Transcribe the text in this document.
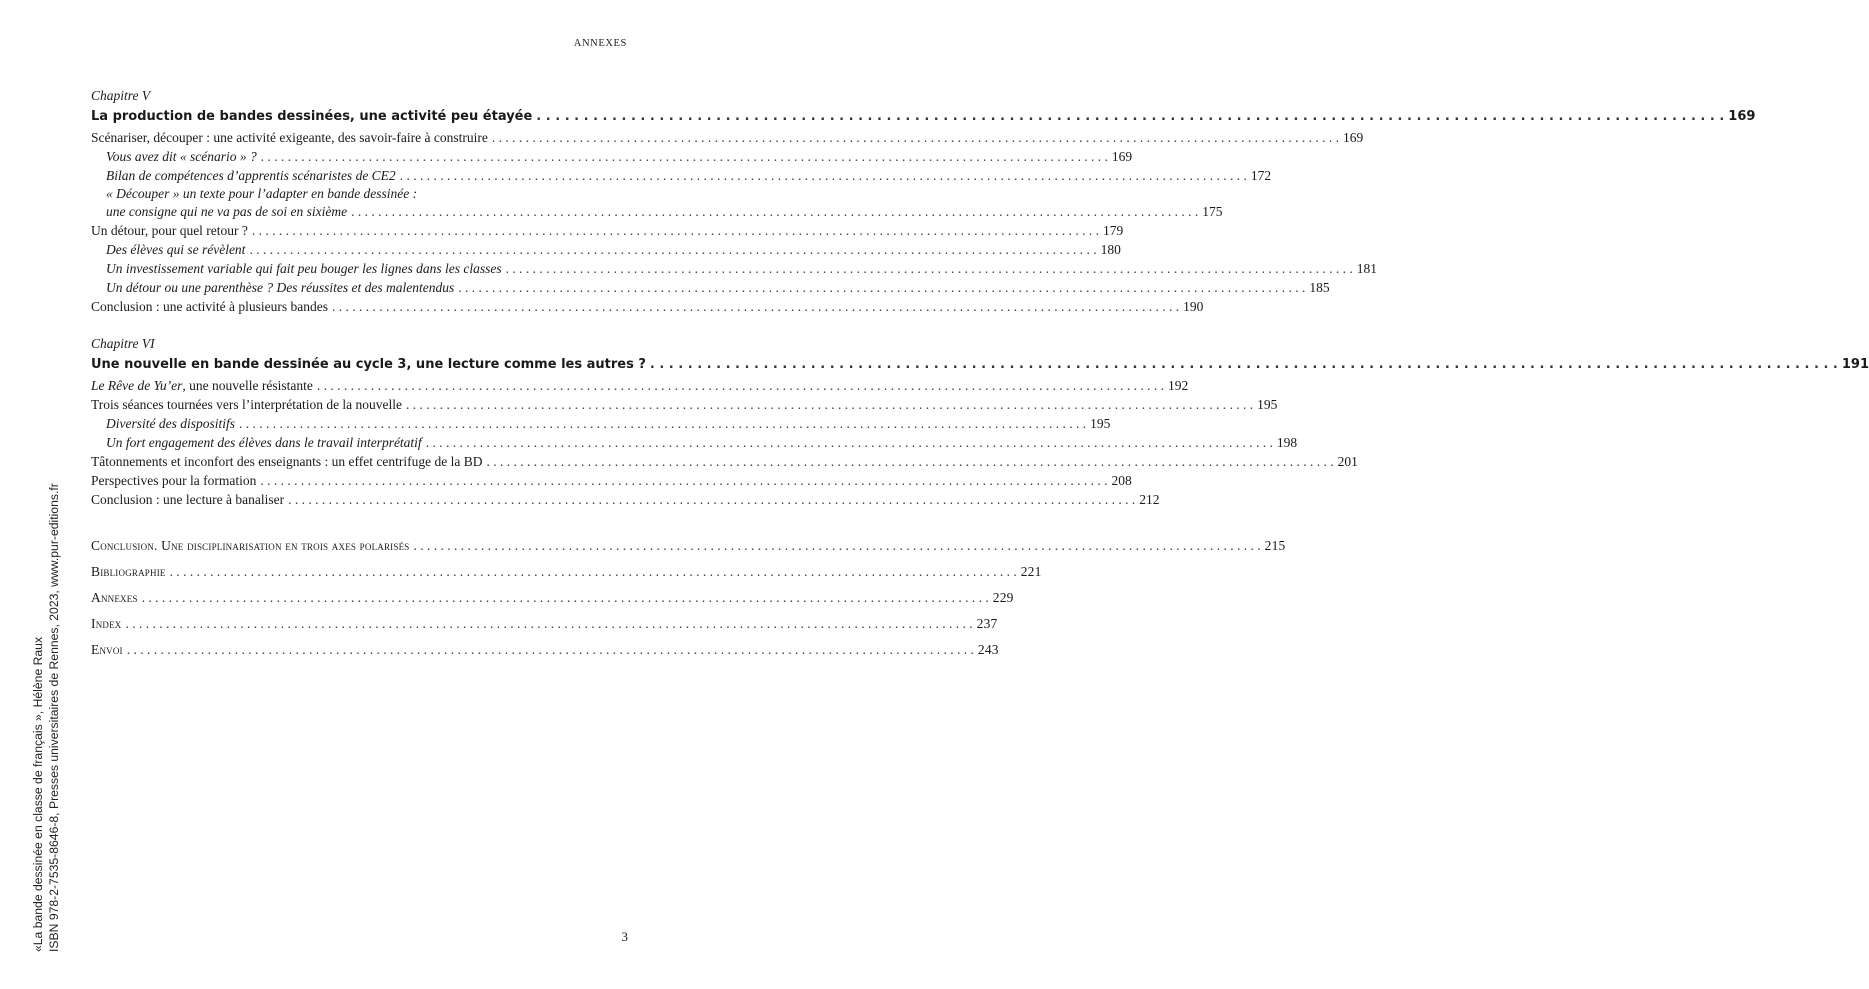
ANNEXES
Chapitre V
La production de bandes dessinées, une activité peu étayée . . .	169
Scénariser, découper : une activité exigeante, des savoir-faire à construire . . .	169
Vous avez dit « scénario » ? . . .	169
Bilan de compétences d’apprentis scénaristes de CE2 . . .	172
« Découper » un texte pour l’adapter en bande dessinée :
une consigne qui ne va pas de soi en sixième . . .	175
Un détour, pour quel retour ? . . .	179
Des élèves qui se révèlent . . .	180
Un investissement variable qui fait peu bouger les lignes dans les classes . . .	181
Un détour ou une parenthèse ? Des réussites et des malentendus . . .	185
Conclusion : une activité à plusieurs bandes . . .	190
Chapitre VI
Une nouvelle en bande dessinée au cycle 3, une lecture comme les autres ? . . .	191
Le Rêve de Yu’er, une nouvelle résistante . . .	192
Trois séances tournées vers l’interprétation de la nouvelle . . .	195
Diversité des dispositifs . . .	195
Un fort engagement des élèves dans le travail interprétatif . . .	198
Tâtonnements et inconfort des enseignants : un effet centrifuge de la BD . . .	201
Perspectives pour la formation . . .	208
Conclusion : une lecture à banaliser . . .	212
Conclusion. Une disciplinarisation en trois axes polarisés . . .	215
Bibliographie . . .	221
Annexes . . .	229
Index . . .	237
Envoi . . .	243
«La bande dessinée en classe de français », Hélène Raux ISBN 978-2-7535-8646-8, Presses universitaires de Rennes, 2023, www.pur-editions.fr	3
